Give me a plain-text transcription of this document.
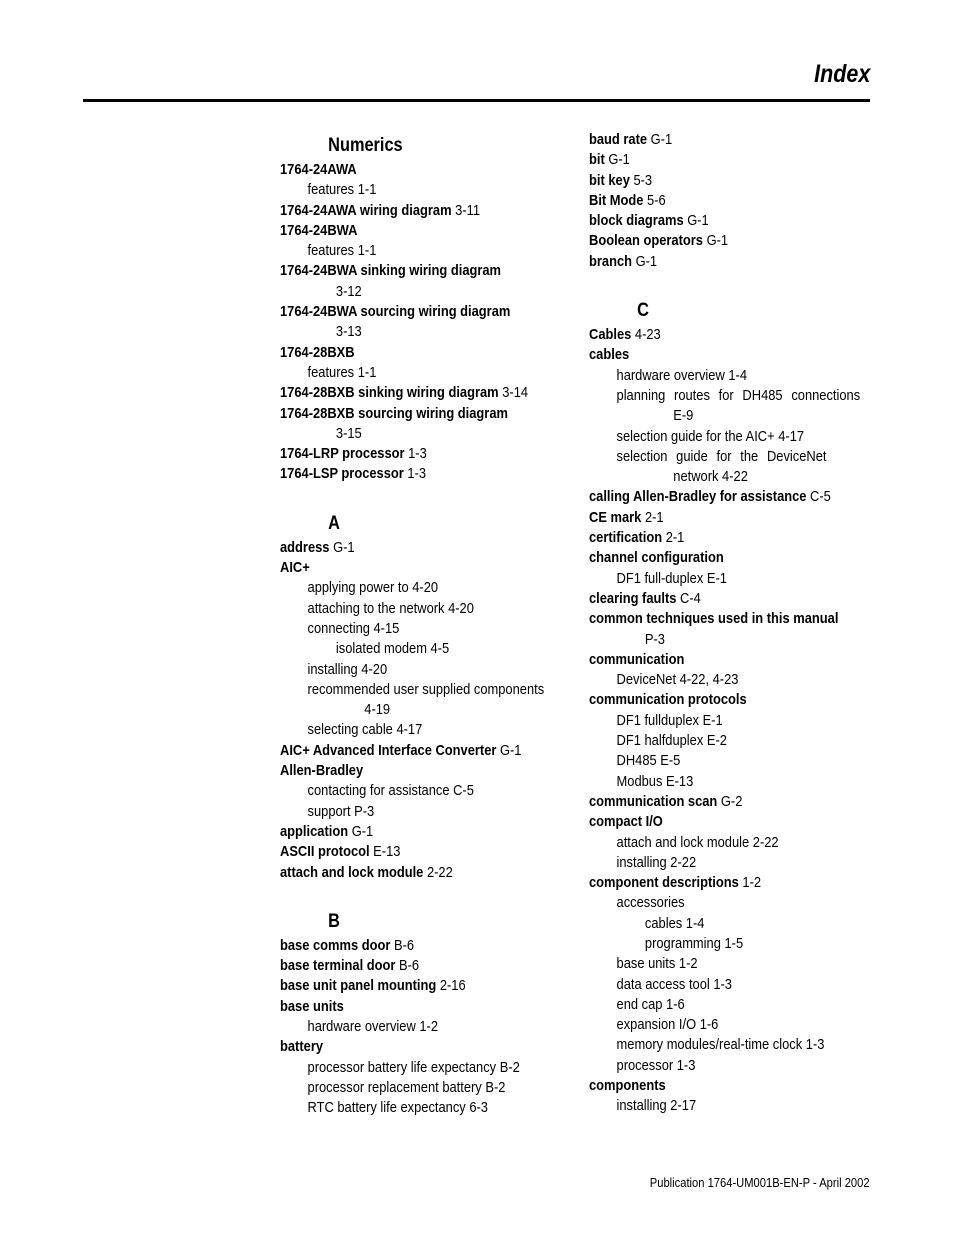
Index
Numerics
1764-24AWA
features 1-1
1764-24AWA wiring diagram 3-11
1764-24BWA
features 1-1
1764-24BWA sinking wiring diagram
3-12
1764-24BWA sourcing wiring diagram
3-13
1764-28BXB
features 1-1
1764-28BXB sinking wiring diagram 3-14
1764-28BXB sourcing wiring diagram
3-15
1764-LRP processor 1-3
1764-LSP processor 1-3
A
address G-1
AIC+
applying power to 4-20
attaching to the network 4-20
connecting 4-15
isolated modem 4-5
installing 4-20
recommended user supplied components
4-19
selecting cable 4-17
AIC+ Advanced Interface Converter G-1
Allen-Bradley
contacting for assistance C-5
support P-3
application G-1
ASCII protocol E-13
attach and lock module 2-22
B
base comms door B-6
base terminal door B-6
base unit panel mounting 2-16
base units
hardware overview 1-2
battery
processor battery life expectancy B-2
processor replacement battery B-2
RTC battery life expectancy 6-3
baud rate G-1
bit G-1
bit key 5-3
Bit Mode 5-6
block diagrams G-1
Boolean operators G-1
branch G-1
C
Cables 4-23
cables
hardware overview 1-4
planning routes for DH485 connections
E-9
selection guide for the AIC+ 4-17
selection guide for the DeviceNet
network 4-22
calling Allen-Bradley for assistance C-5
CE mark 2-1
certification 2-1
channel configuration
DF1 full-duplex E-1
clearing faults C-4
common techniques used in this manual
P-3
communication
DeviceNet 4-22, 4-23
communication protocols
DF1 fullduplex E-1
DF1 halfduplex E-2
DH485 E-5
Modbus E-13
communication scan G-2
compact I/O
attach and lock module 2-22
installing 2-22
component descriptions 1-2
accessories
cables 1-4
programming 1-5
base units 1-2
data access tool 1-3
end cap 1-6
expansion I/O 1-6
memory modules/real-time clock 1-3
processor 1-3
components
installing 2-17
Publication 1764-UM001B-EN-P - April 2002
